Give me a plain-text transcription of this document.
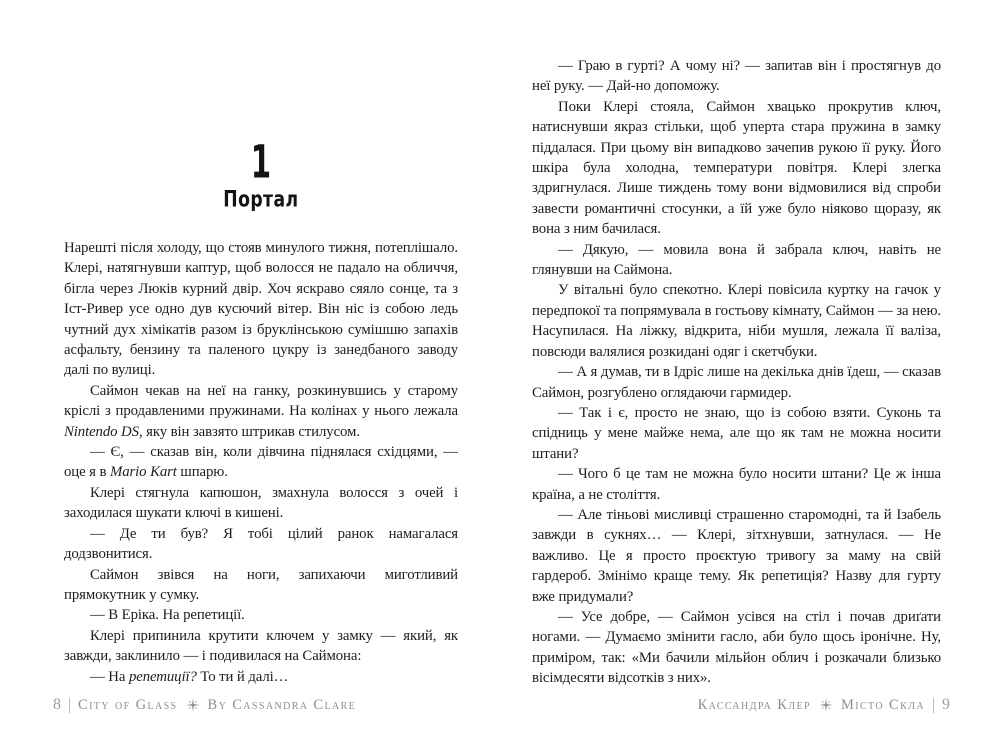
1
Портал

Нарешті після холоду, що стояв минулого тижня, потеплішало. Клері, натягнувши каптур, щоб волосся не падало на обличчя, бігла через Люків курний двір. Хоч яскраво сяяло сонце, та з Іст-Ривер усе одно дув кусючий вітер. Він ніс із собою ледь чутний дух хімікатів разом із бруклінською сумішшю запахів асфальту, бензину та паленого цукру із занедбаного заводу далі по вулиці.

Саймон чекав на неї на ганку, розкинувшись у старому кріслі з продавленими пружинами. На колінах у нього лежала Nintendo DS, яку він завзято штрикав стилусом.

— Є, — сказав він, коли дівчина піднялася східцями, — оце я в Mario Kart шпарю.

Клері стягнула капюшон, змахнула волосся з очей і заходилася шукати ключі в кишені.

— Де ти був? Я тобі цілий ранок намагалася додзвонитися.

Саймон звівся на ноги, запихаючи миготливий прямокутник у сумку.

— В Еріка. На репетиції.

Клері припинила крутити ключем у замку — який, як завжди, заклинило — і подивилася на Саймона:

— На репетиції? То ти й далі…

8 City of Glass By Cassandra Clare

— Граю в гурті? А чому ні? — запитав він і простягнув до неї руку. — Дай-но допоможу.

Поки Клері стояла, Саймон хвацько прокрутив ключ, натиснувши якраз стільки, щоб уперта стара пружина в замку піддалася. При цьому він випадково зачепив рукою її руку. Його шкіра була холодна, температури повітря. Клері злегка здригнулася. Лише тиждень тому вони відмовилися від спроби завести романтичні стосунки, а їй уже було ніяково щоразу, як вона з ним бачилася.

— Дякую, — мовила вона й забрала ключ, навіть не глянувши на Саймона.

У вітальні було спекотно. Клері повісила куртку на гачок у передпокої та попрямувала в гостьову кімнату, Саймон — за нею. Насупилася. На ліжку, відкрита, ніби мушля, лежала її валіза, повсюди валялися розкидані одяг і скетчбуки.

— А я думав, ти в Ідріс лише на декілька днів їдеш, — сказав Саймон, розгублено оглядаючи гармидер.

— Так і є, просто не знаю, що із собою взяти. Суконь та спідниць у мене майже нема, але що як там не можна носити штани?

— Чого б це там не можна було носити штани? Це ж інша країна, а не століття.

— Але тіньові мисливці страшенно старомодні, та й Ізабель завжди в сукнях… — Клері, зітхнувши, затнулася. — Не важливо. Це я просто проєктую тривогу за маму на свій гардероб. Змінімо краще тему. Як репетиція? Назву для гурту вже придумали?

— Усе добре, — Саймон усівся на стіл і почав дриґати ногами. — Думаємо змінити гасло, аби було щось іронічне. Ну, приміром, так: «Ми бачили мільйон облич і розкачали близько вісімдесяти відсотків з них».

Кассандра Клер Місто Скла 9
